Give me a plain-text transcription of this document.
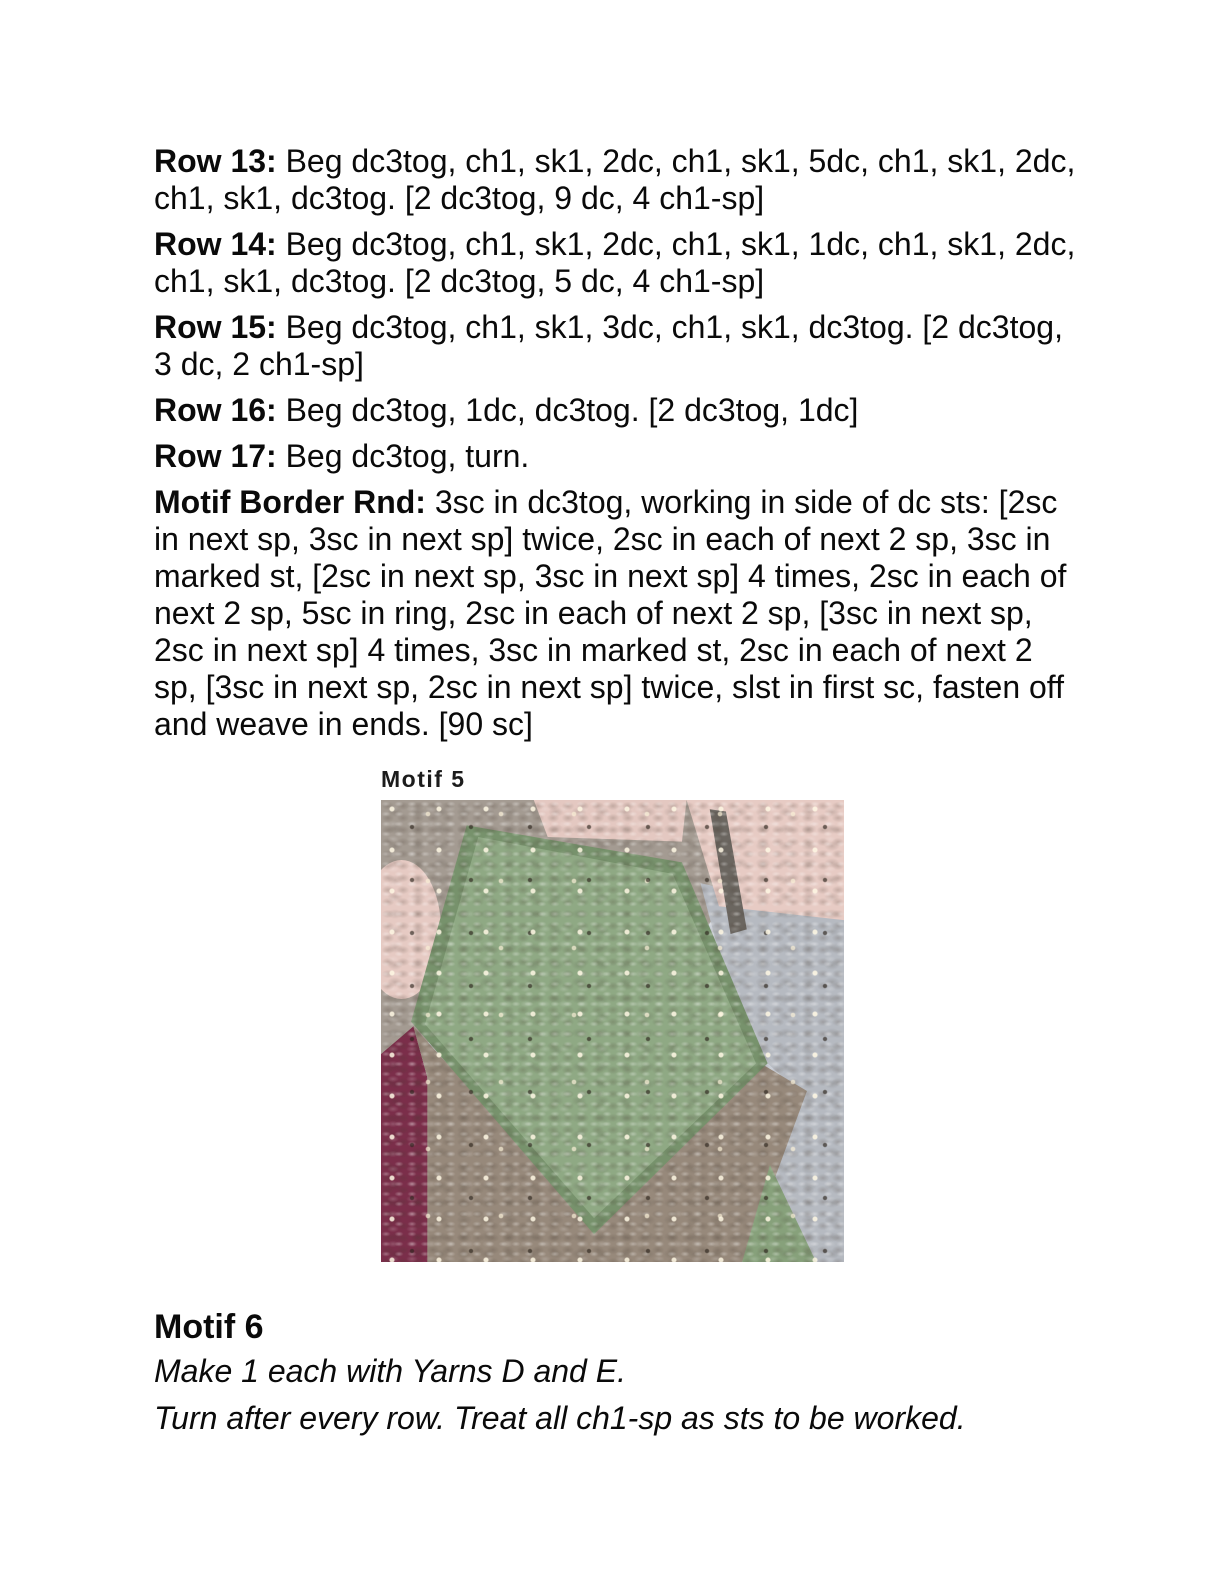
Row 13: Beg dc3tog, ch1, sk1, 2dc, ch1, sk1, 5dc, ch1, sk1, 2dc, ch1, sk1, dc3tog. [2 dc3tog, 9 dc, 4 ch1-sp]

Row 14: Beg dc3tog, ch1, sk1, 2dc, ch1, sk1, 1dc, ch1, sk1, 2dc, ch1, sk1, dc3tog. [2 dc3tog, 5 dc, 4 ch1-sp]

Row 15: Beg dc3tog, ch1, sk1, 3dc, ch1, sk1, dc3tog. [2 dc3tog, 3 dc, 2 ch1-sp]

Row 16: Beg dc3tog, 1dc, dc3tog. [2 dc3tog, 1dc]

Row 17: Beg dc3tog, turn.

Motif Border Rnd: 3sc in dc3tog, working in side of dc sts: [2sc in next sp, 3sc in next sp] twice, 2sc in each of next 2 sp, 3sc in marked st, [2sc in next sp, 3sc in next sp] 4 times, 2sc in each of next 2 sp, 5sc in ring, 2sc in each of next 2 sp, [3sc in next sp, 2sc in next sp] 4 times, 3sc in marked st, 2sc in each of next 2 sp, [3sc in next sp, 2sc in next sp] twice, slst in first sc, fasten off and weave in ends. [90 sc]

Motif 5
Motif 6

Make 1 each with Yarns D and E.

Turn after every row. Treat all ch1-sp as sts to be worked.
